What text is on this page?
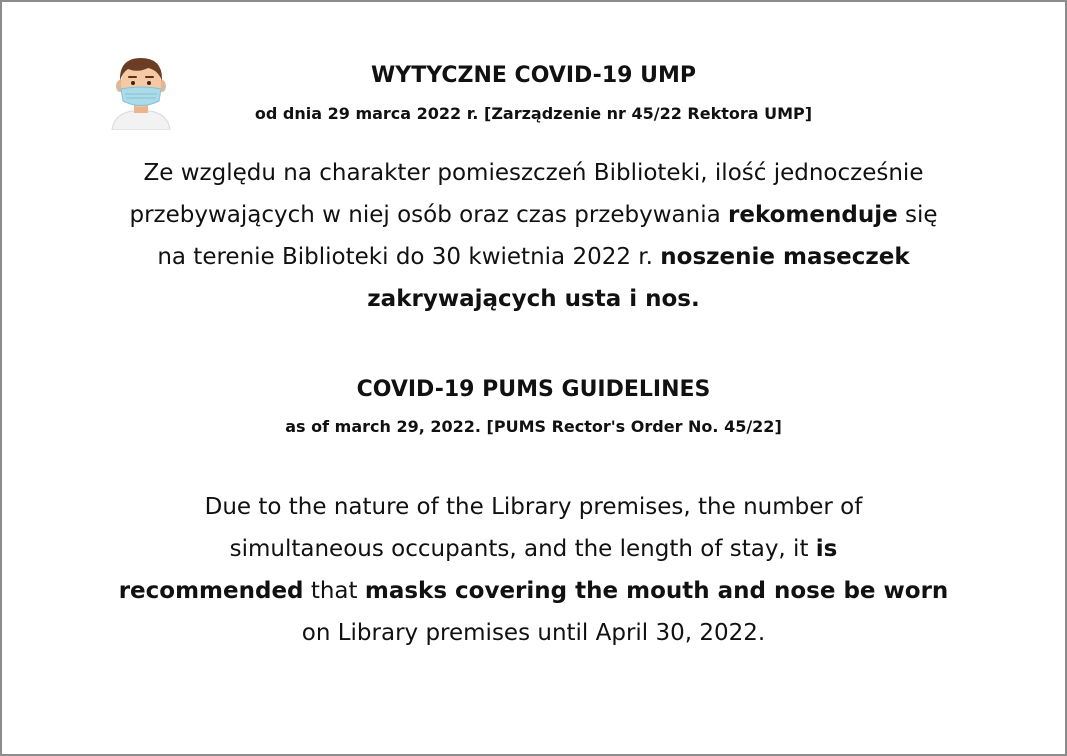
WYTYCZNE COVID-19 UMP
od dnia 29 marca 2022 r. [Zarządzenie nr 45/22 Rektora UMP]
Ze względu na charakter pomieszczeń Biblioteki, ilość jednocześnie
przebywających w niej osób oraz czas przebywania rekomenduje się
na terenie Biblioteki do 30 kwietnia 2022 r. noszenie maseczek
zakrywających usta i nos.
COVID-19 PUMS GUIDELINES
as of march 29, 2022. [PUMS Rector's Order No. 45/22]
Due to the nature of the Library premises, the number of
simultaneous occupants, and the length of stay, it is
recommended that masks covering the mouth and nose be worn
on Library premises until April 30, 2022.
